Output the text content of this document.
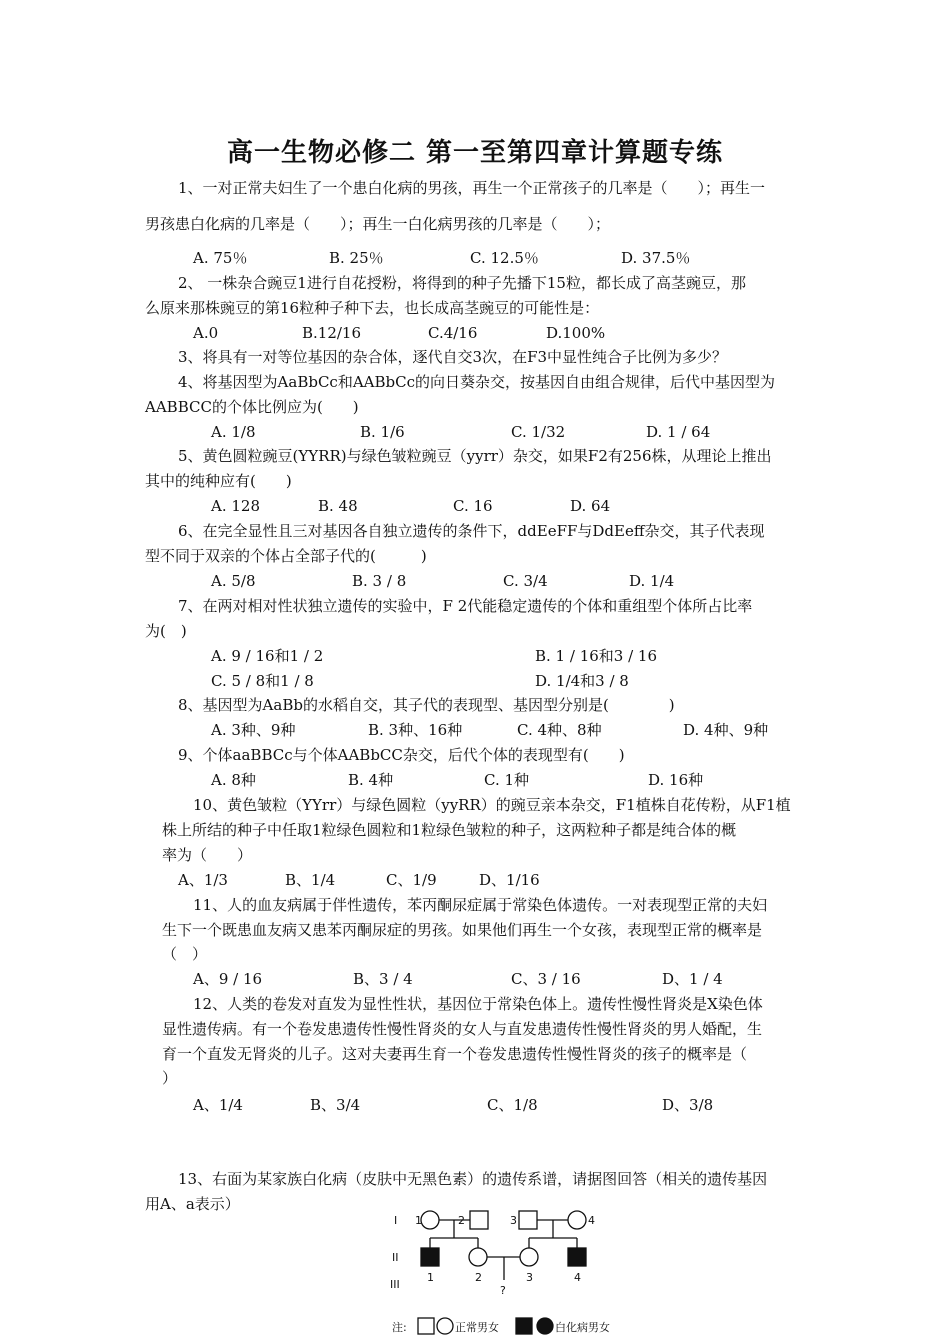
高一生物必修二 第一至第四章计算题专练
1、一对正常夫妇生了一个患白化病的男孩，再生一个正常孩子的几率是（　　）；再生一
男孩患白化病的几率是（　　）；再生一白化病男孩的几率是（　　）；
A. 75％	B. 25％	C. 12.5％	D. 37.5％
2、 一株杂合豌豆1进行自花授粉，将得到的种子先播下15粒，都长成了高茎豌豆，那
么原来那株豌豆的第16粒种子种下去，也长成高茎豌豆的可能性是：
A.0	B.12/16	C.4/16	D.100%
3、将具有一对等位基因的杂合体，逐代自交3次，在F3中显性纯合子比例为多少？
4、将基因型为AaBbCc和AABbCc的向日葵杂交，按基因自由组合规律，后代中基因型为
AABBCC的个体比例应为(　　)
A. 1/8	B. 1/6	C. 1/32	D. 1 / 64
5、黄色圆粒豌豆(YYRR)与绿色皱粒豌豆（yyrr）杂交，如果F2有256株，从理论上推出
其中的纯种应有(　　)
A. 128	B. 48	C. 16	D. 64
6、在完全显性且三对基因各自独立遗传的条件下，ddEeFF与DdEeff杂交，其子代表现
型不同于双亲的个体占全部子代的(　　　)
A. 5/8	B. 3 / 8	C. 3/4	D. 1/4
7、在两对相对性状独立遗传的实验中，F 2代能稳定遗传的个体和重组型个体所占比率
为(　)
A. 9 / 16和1 / 2	B. 1 / 16和3 / 16
C. 5 / 8和1 / 8	D. 1/4和3 / 8
8、基因型为AaBb的水稻自交，其子代的表现型、基因型分别是(　　　　)
A. 3种、9种	B. 3种、16种	C. 4种、8种	D. 4种、9种
9、个体aaBBCc与个体AABbCC杂交，后代个体的表现型有(　　)
A. 8种	B. 4种	C. 1种	D. 16种
10、黄色皱粒（YYrr）与绿色圆粒（yyRR）的豌豆亲本杂交，F1植株自花传粉，从F1植
株上所结的种子中任取1粒绿色圆粒和1粒绿色皱粒的种子，这两粒种子都是纯合体的概
率为（　　）
A、1/3	B、1/4	C、1/9	D、1/16
11、人的血友病属于伴性遗传，苯丙酮尿症属于常染色体遗传。一对表现型正常的夫妇
生下一个既患血友病又患苯丙酮尿症的男孩。如果他们再生一个女孩，表现型正常的概率是
（　）
A、9 / 16	B、3 / 4	C、3 / 16	D、1 / 4
12、人类的卷发对直发为显性性状，基因位于常染色体上。遗传性慢性肾炎是X染色体
显性遗传病。有一个卷发患遗传性慢性肾炎的女人与直发患遗传性慢性肾炎的男人婚配，生
育一个直发无肾炎的儿子。这对夫妻再生育一个卷发患遗传性慢性肾炎的孩子的概率是（
）
A、1/4	B、3/4	C、1/8	D、3/8
13、右面为某家族白化病（皮肤中无黑色素）的遗传系谱，请据图回答（相关的遗传基因
用A、a表示）
I
II
III
1	2	3	4
1	2	3	4
?
注:	正常男女	白化病男女
